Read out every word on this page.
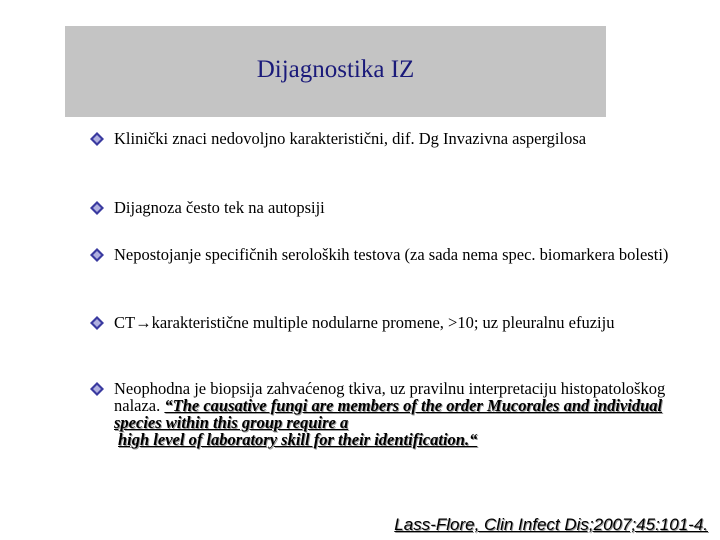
Dijagnostika IZ
Klinički znaci nedovoljno karakteristični, dif. Dg Invazivna aspergilosa
Dijagnoza često tek na autopsiji
Nepostojanje specifičnih seroloških testova (za sada nema spec. biomarkera bolesti)
CT→karakteristične multiple nodularne promene, >10; uz pleuralnu efuziju
Neophodna je biopsija zahvaćenog tkiva, uz pravilnu interpretaciju histopatološkog nalaza. “The causative fungi are members of the order Mucorales and individual species within this group require a
high level of laboratory skill for their identification.“
Lass-Flore, Clin Infect Dis;2007;45:101-4.
